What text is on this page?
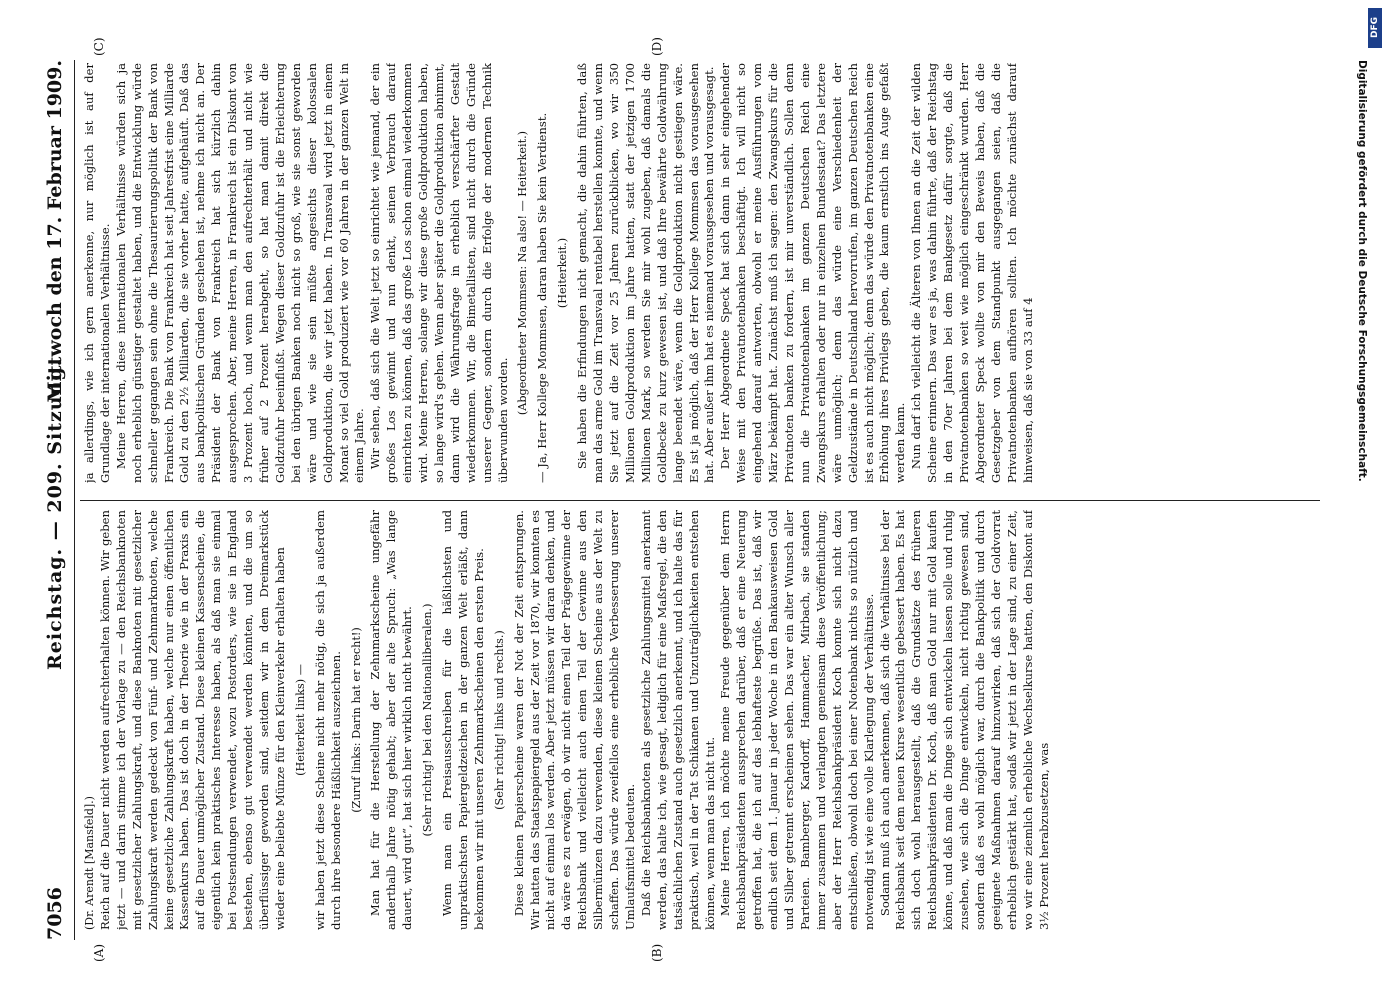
7056
Reichstag. — 209. Sitzung.
Mittwoch den 17. Februar 1909.
(A)	(B)
(C)	(D)

(Dr. Arendt [Mansfeld].) Reich auf die Dauer nicht werden aufrechterhalten können. Wir geben jetzt — und darin stimme ich der Vorlage zu — den Reichsbanknoten mit gesetzlicher Zahlungskraft, und diese Banknoten mit gesetzlicher Zahlungskraft werden gedeckt von Fünf- und Zehnmarknoten, welche keine gesetzliche Zahlungskraft haben, welche nur einen öffentlichen Kassenkurs haben. Das ist doch in der Theorie wie in der Praxis ein auf die Dauer unmöglicher Zustand. Diese kleinen Kassenscheine, die eigentlich kein praktisches Interesse haben, als daß man sie einmal bei Postsendungen verwendet, wozu Postorders, wie sie in England bestehen, ebenso gut verwendet werden könnten, und die um so überflüssiger geworden sind, seitdem wir in dem Dreimarkstück wieder eine beliebte Münze für den Kleinverkehr erhalten haben (Heiterkeit links) — wir haben jetzt diese Scheine nicht mehr nötig, die sich ja außerdem durch ihre besondere Häßlichkeit auszeichnen. (Zuruf links: Darin hat er recht!) Man hat für die Herstellung der Zehnmarkscheine ungefähr anderthalb Jahre nötig gehabt; aber der alte Spruch: „Was lange dauert, wird gut“, hat sich hier wirklich nicht bewährt. (Sehr richtig! bei den Nationalliberalen.) Wenn man ein Preisausschreiben für die häßlichsten und unpraktischsten Papiergeldzeichen in der ganzen Welt erläßt, dann bekommen wir mit unseren Zehnmarkscheinen den ersten Preis. (Sehr richtig! links und rechts.) Diese kleinen Papierscheine waren der Not der Zeit entsprungen. Wir hatten das Staatspapiergeld aus der Zeit vor 1870, wir konnten es nicht auf einmal los werden. Aber jetzt müssen wir daran denken, und da wäre es zu erwägen, ob wir nicht einen Teil der Prägegewinne der Reichsbank und vielleicht auch einen Teil der Gewinne aus den Silbermünzen dazu verwenden, diese kleinen Scheine aus der Welt zu schaffen. Das würde zweifellos eine erhebliche Verbesserung unserer Umlaufsmittel bedeuten. Daß die Reichsbanknoten als gesetzliche Zahlungsmittel anerkannt werden, das halte ich, wie gesagt, lediglich für eine Maßregel, die den tatsächlichen Zustand auch gesetzlich anerkennt, und ich halte das für praktisch, weil in der Tat Schikanen und Unzuträglichkeiten entstehen können, wenn man das nicht tut. Meine Herren, ich möchte meine Freude gegenüber dem Herrn Reichsbankpräsidenten aussprechen darüber, daß er eine Neuerung getroffen hat, die ich auf das lebhafteste begrüße. Das ist, daß wir endlich seit dem 1. Januar in jeder Woche in den Bankausweisen Gold und Silber getrennt erscheinen sehen. Das war ein alter Wunsch aller Parteien. Bamberger, Kardorff, Hammacher, Mirbach, sie standen immer zusammen und verlangten gemeinsam diese Veröffentlichung; aber der Herr Reichsbankpräsident Koch konnte sich nicht dazu entschließen, obwohl doch bei einer Notenbank nichts so nützlich und notwendig ist wie eine volle Klarlegung der Verhältnisse. Sodann muß ich auch anerkennen, daß sich die Verhältnisse bei der Reichsbank seit dem neuen Kurse wesentlich gebessert haben. Es hat sich doch wohl herausgestellt, daß die Grundsätze des früheren Reichsbankpräsidenten Dr. Koch, daß man Gold nur mit Gold kaufen könne, und daß man die Dinge sich entwickeln lassen solle und ruhig zusehen, wie sich die Dinge entwickeln, nicht richtig gewesen sind, sondern daß es wohl möglich war, durch die Bankpolitik und durch geeignete Maßnahmen darauf hinzuwirken, daß sich der Goldvorrat erheblich gestärkt hat, sodaß wir jetzt in der Lage sind, zu einer Zeit, wo wir eine ziemlich erhebliche Wechselkurse hatten, den Diskont auf 3½ Prozent herabzusetzen, was

ja allerdings, wie ich gern anerkenne, nur möglich ist auf der Grundlage der internationalen Verhältnisse. Meine Herren, diese internationalen Verhältnisse würden sich ja noch erheblich günstiger gestaltet haben, und die Entwicklung würde schneller gegangen sein ohne die Thesaurierungspolitik der Bank von Frankreich. Die Bank von Frankreich hat seit Jahresfrist eine Milliarde Gold zu den 2½ Milliarden, die sie vorher hatte, aufgehäuft. Daß das aus bankpolitischen Gründen geschehen ist, nehme ich nicht an. Der Präsident der Bank von Frankreich hat sich kürzlich dahin ausgesprochen. Aber, meine Herren, in Frankreich ist ein Diskont von 3 Prozent hoch, und wenn man den aufrechterhält und nicht wie früher auf 2 Prozent herabgeht, so hat man damit direkt die Goldzufuhr beeinflußt. Wegen dieser Goldzufuhr ist die Erleichterung bei den übrigen Banken noch nicht so groß, wie sie sonst geworden wäre und wie sie sein müßte angesichts dieser kolossalen Goldproduktion, die wir jetzt haben. In Transvaal wird jetzt in einem Monat so viel Gold produziert wie vor 60 Jahren in der ganzen Welt in einem Jahre. Wir sehen, daß sich die Welt jetzt so einrichtet wie jemand, der ein großes Los gewinnt und nun denkt, seinen Verbrauch darauf einrichten zu können, daß das große Los schon einmal wiederkommen wird. Meine Herren, solange wir diese große Goldproduktion haben, so lange wird's gehen. Wenn aber später die Goldproduktion abnimmt, dann wird die Währungsfrage in erheblich verschärfter Gestalt wiederkommen. Wir, die Bimetallisten, sind nicht durch die Gründe unserer Gegner, sondern durch die Erfolge der modernen Technik überwunden worden.

(Abgeordneter Mommsen: Na also! — Heiterkeit.) — Ja, Herr Kollege Mommsen, daran haben Sie kein Verdienst. (Heiterkeit.) Sie haben die Erfindungen nicht gemacht, die dahin führten, daß man das arme Gold im Transvaal rentabel herstellen konnte, und wenn Sie jetzt auf die Zeit vor 25 Jahren zurückblicken, wo wir 350 Millionen Goldproduktion im Jahre hatten, statt der jetzigen 1700 Millionen Mark, so werden Sie mir wohl zugeben, daß damals die Goldbecke zu kurz gewesen ist, und daß Ihre bewährte Goldwährung lange beendet wäre, wenn die Goldproduktion nicht gestiegen wäre. Es ist ja möglich, daß der Herr Kollege Mommsen das vorausgesehen hat. Aber außer ihm hat es niemand vorausgesehen und vorausgesagt. Der Herr Abgeordnete Speck hat sich dann in sehr eingehender Weise mit den Privatnotenbanken beschäftigt. Ich will nicht so eingehend darauf antworten, obwohl er meine Ausführungen vom März bekämpft hat. Zunächst muß ich sagen: den Zwangskurs für die Privatnoten banken zu fordern, ist mir unverständlich. Sollen denn nun die Privatnotenbanken im ganzen Deutschen Reich eine Zwangskurs erhalten oder nur in einzelnen Bundesstaat? Das letztere wäre unmöglich; denn das würde eine Verschiedenheit der Geldzustände in Deutschland hervorrufen, im ganzen Deutschen Reich ist es auch nicht möglich; denn das würde den Privatnotenbanken eine Erhöhung ihres Privilegs geben, die kaum ernstlich ins Auge gefaßt werden kann. Nun darf ich vielleicht die Älteren von Ihnen an die Zeit der wilden Scheine erinnern. Das war es ja, was dahin führte, daß der Reichstag in den 70er Jahren bei dem Bankgesetz dafür sorgte, daß die Privatnotenbanken so weit wie möglich eingeschränkt wurden. Herr Abgeordneter Speck wollte von mir den Beweis haben, daß die Gesetzgeber von dem Standpunkt ausgegangen seien, daß die Privatnotenbanken aufhören sollten. Ich möchte zunächst darauf hinweisen, daß sie von 33 auf 4

DFG
Digitalisierung gefördert durch die Deutsche Forschungsgemeinschaft.
